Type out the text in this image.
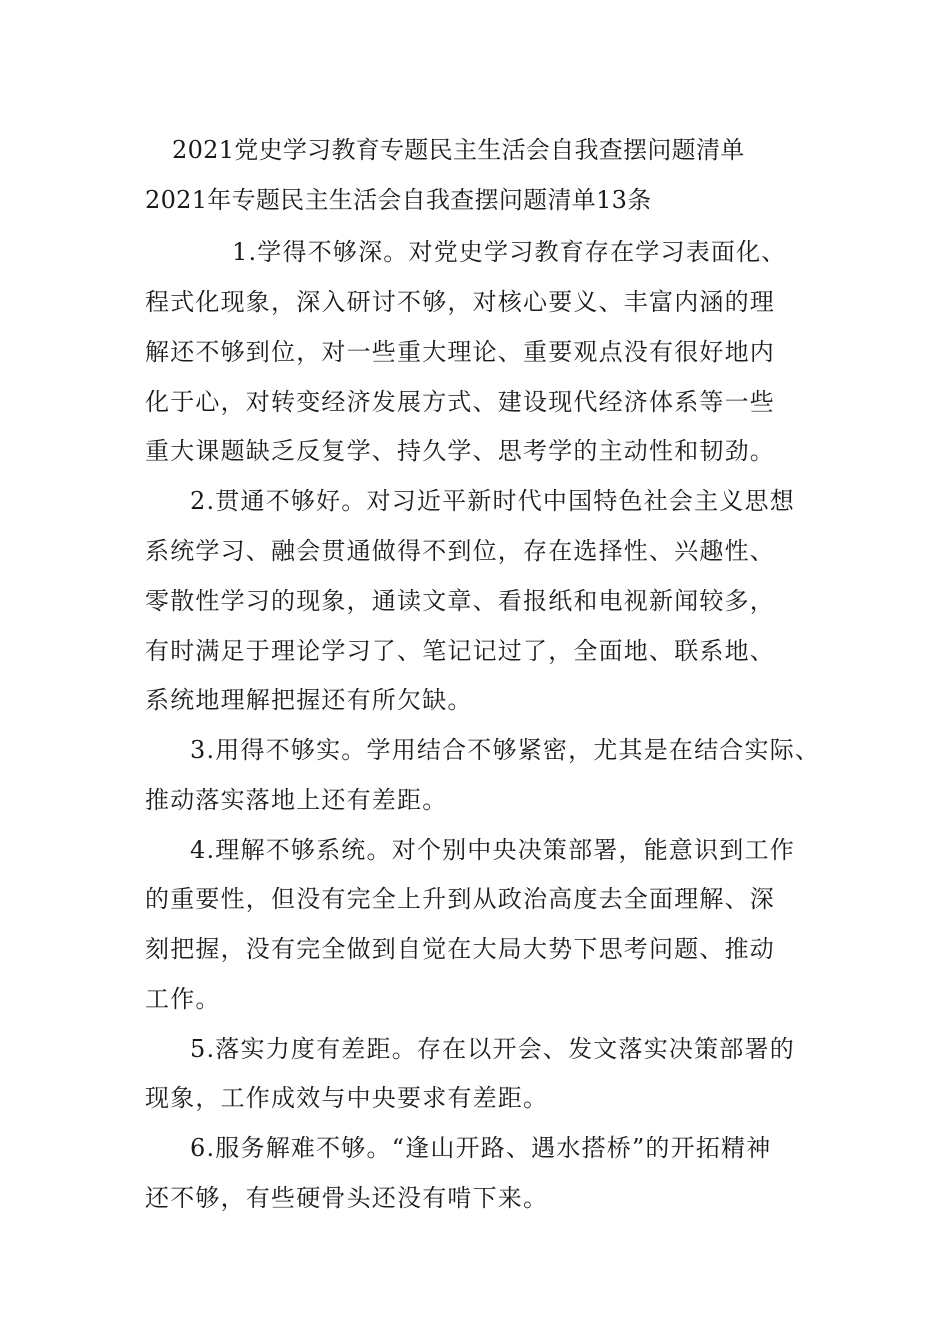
2021党史学习教育专题民主生活会自我查摆问题清单
2021年专题民主生活会自我查摆问题清单13条
1.学得不够深。对党史学习教育存在学习表面化、
程式化现象，深入研讨不够，对核心要义、丰富内涵的理
解还不够到位，对一些重大理论、重要观点没有很好地内
化于心，对转变经济发展方式、建设现代经济体系等一些
重大课题缺乏反复学、持久学、思考学的主动性和韧劲。
2.贯通不够好。对习近平新时代中国特色社会主义思想
系统学习、融会贯通做得不到位，存在选择性、兴趣性、
零散性学习的现象，通读文章、看报纸和电视新闻较多，
有时满足于理论学习了、笔记记过了，全面地、联系地、
系统地理解把握还有所欠缺。
3.用得不够实。学用结合不够紧密，尤其是在结合实际、
推动落实落地上还有差距。
4.理解不够系统。对个别中央决策部署，能意识到工作
的重要性，但没有完全上升到从政治高度去全面理解、深
刻把握，没有完全做到自觉在大局大势下思考问题、推动
工作。
5.落实力度有差距。存在以开会、发文落实决策部署的
现象，工作成效与中央要求有差距。
6.服务解难不够。“逢山开路、遇水搭桥”的开拓精神
还不够，有些硬骨头还没有啃下来。
